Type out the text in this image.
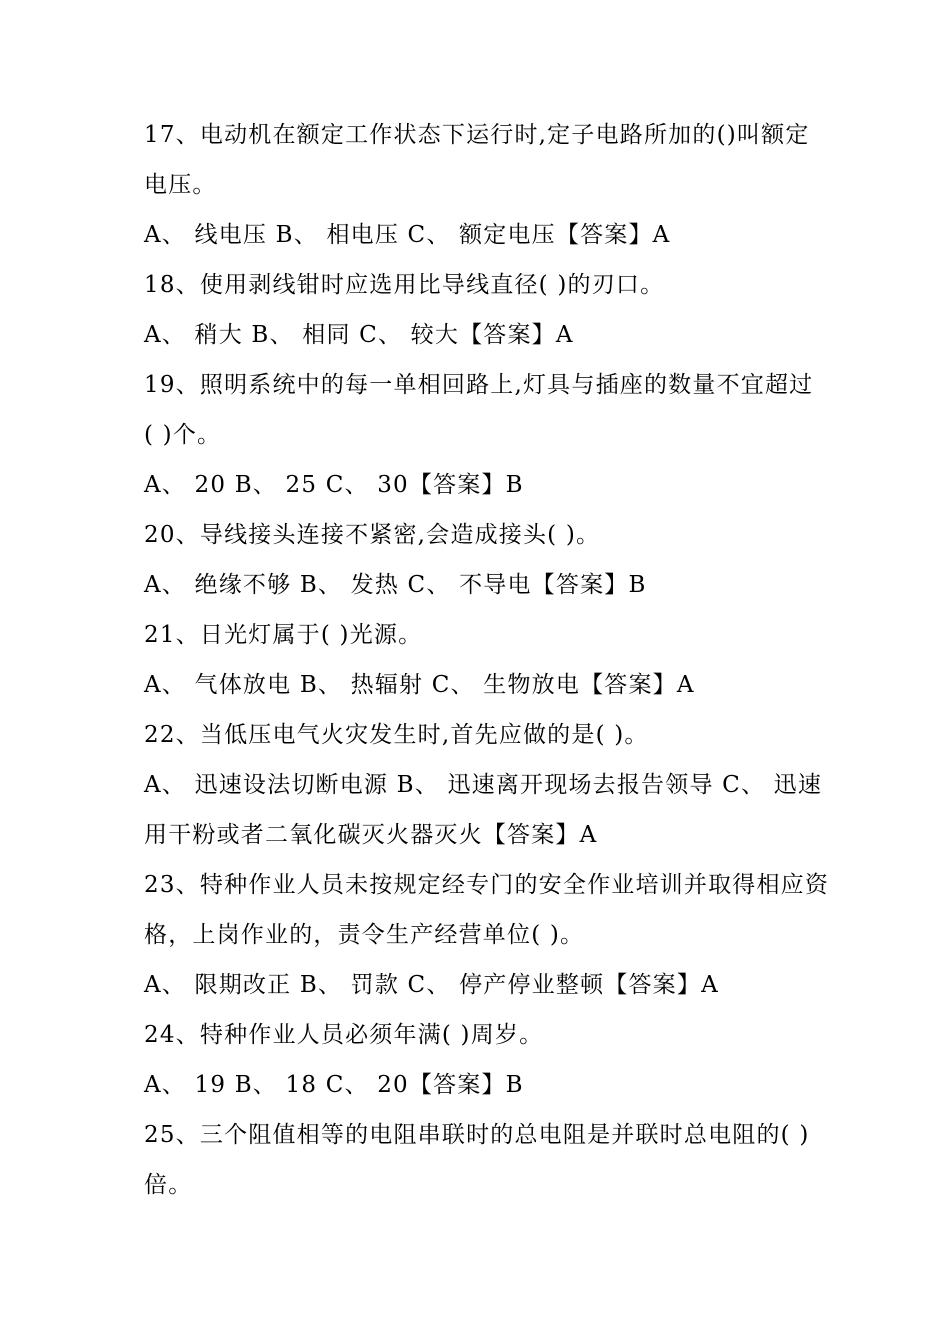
17、电动机在额定工作状态下运行时,定子电路所加的()叫额定
电压。
A、 线电压 B、 相电压 C、 额定电压【答案】A
18、使用剥线钳时应选用比导线直径( )的刃口。
A、 稍大 B、 相同 C、 较大【答案】A
19、照明系统中的每一单相回路上,灯具与插座的数量不宜超过
( )个。
A、 20 B、 25 C、 30【答案】B
20、导线接头连接不紧密,会造成接头( )。
A、 绝缘不够 B、 发热 C、 不导电【答案】B
21、日光灯属于( )光源。
A、 气体放电 B、 热辐射 C、 生物放电【答案】A
22、当低压电气火灾发生时,首先应做的是( )。
A、 迅速设法切断电源 B、 迅速离开现场去报告领导 C、 迅速
用干粉或者二氧化碳灭火器灭火【答案】A
23、特种作业人员未按规定经专门的安全作业培训并取得相应资
格，上岗作业的，责令生产经营单位( )。
A、 限期改正 B、 罚款 C、 停产停业整顿【答案】A
24、特种作业人员必须年满( )周岁。
A、 19 B、 18 C、 20【答案】B
25、三个阻值相等的电阻串联时的总电阻是并联时总电阻的( )
倍。
